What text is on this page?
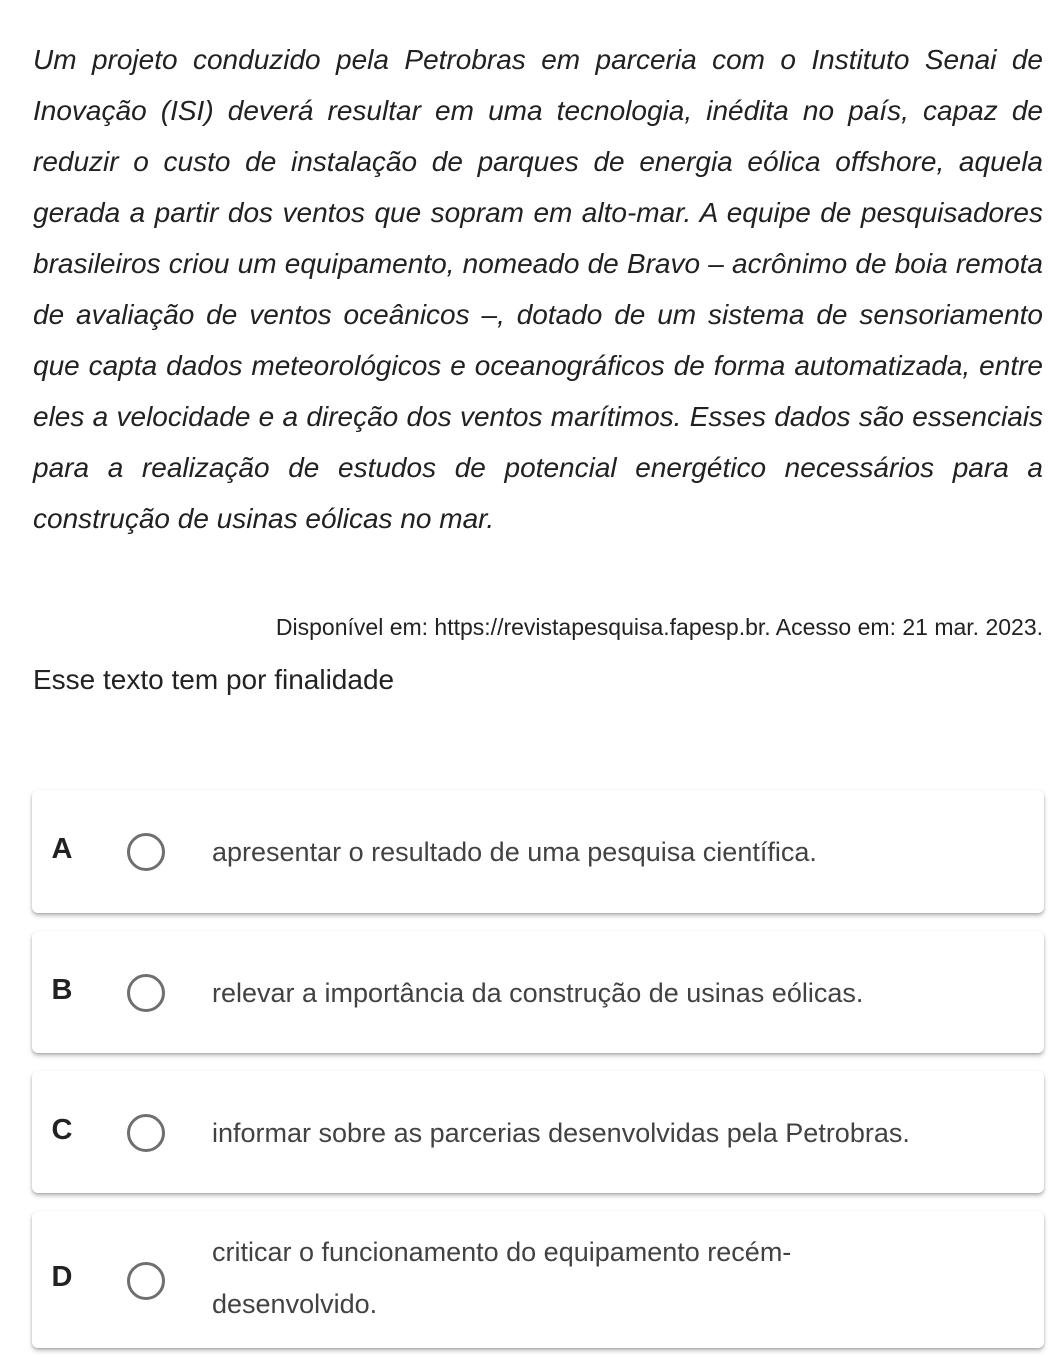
Um projeto conduzido pela Petrobras em parceria com o Instituto Senai de Inovação (ISI) deverá resultar em uma tecnologia, inédita no país, capaz de reduzir o custo de instalação de parques de energia eólica offshore, aquela gerada a partir dos ventos que sopram em alto-mar. A equipe de pesquisadores brasileiros criou um equipamento, nomeado de Bravo – acrônimo de boia remota de avaliação de ventos oceânicos –, dotado de um sistema de sensoriamento que capta dados meteorológicos e oceanográficos de forma automatizada, entre eles a velocidade e a direção dos ventos marítimos. Esses dados são essenciais para a realização de estudos de potencial energético necessários para a construção de usinas eólicas no mar.

Disponível em: https://revistapesquisa.fapesp.br. Acesso em: 21 mar. 2023.
Esse texto tem por finalidade
A	apresentar o resultado de uma pesquisa científica.
B	relevar a importância da construção de usinas eólicas.
C	informar sobre as parcerias desenvolvidas pela Petrobras.
D
criticar o funcionamento do equipamento recém-desenvolvido.
